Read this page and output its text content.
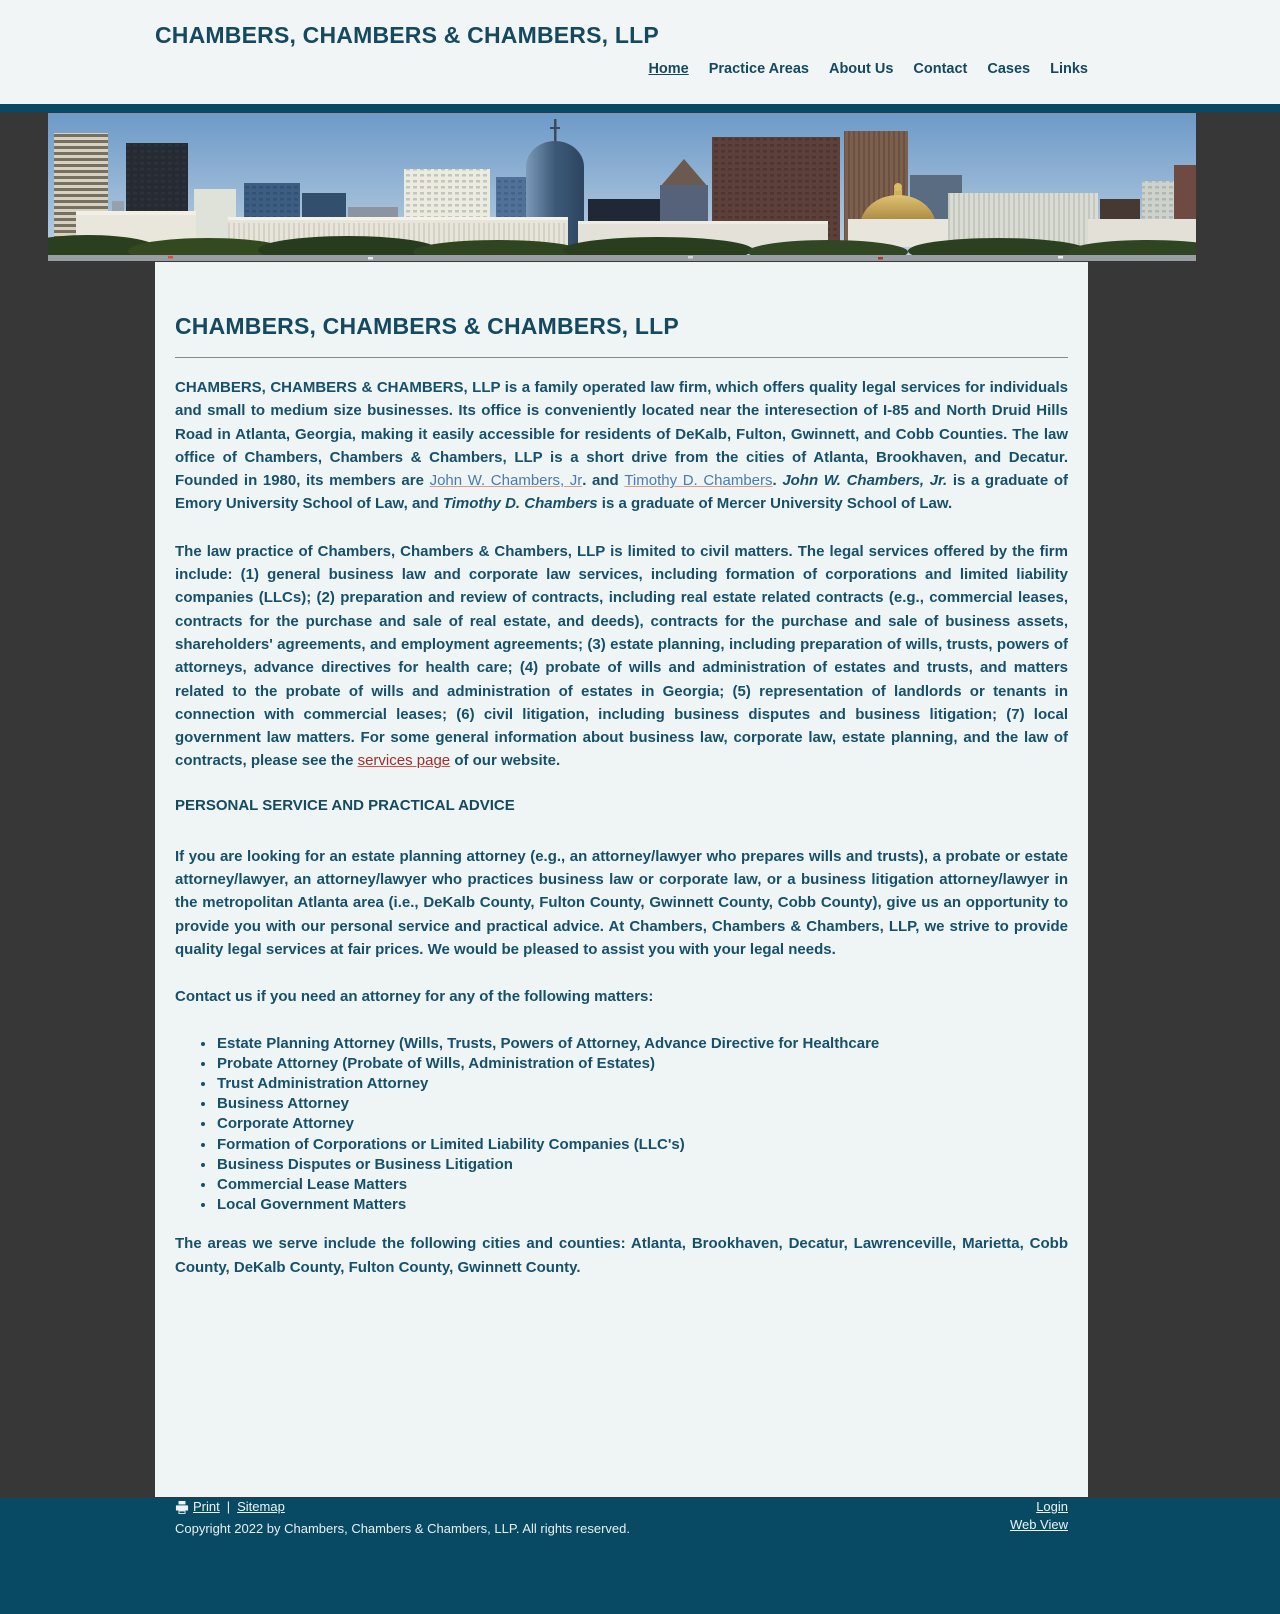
CHAMBERS, CHAMBERS & CHAMBERS, LLP
Home Practice Areas About Us Contact Cases Links
CHAMBERS, CHAMBERS & CHAMBERS, LLP

CHAMBERS, CHAMBERS & CHAMBERS, LLP is a family operated law firm, which offers quality legal services for individuals and small to medium size businesses. Its office is conveniently located near the interesection of I-85 and North Druid Hills Road in Atlanta, Georgia, making it easily accessible for residents of DeKalb, Fulton, Gwinnett, and Cobb Counties. The law office of Chambers, Chambers & Chambers, LLP is a short drive from the cities of Atlanta, Brookhaven, and Decatur. Founded in 1980, its members are John W. Chambers, Jr. and Timothy D. Chambers. John W. Chambers, Jr. is a graduate of Emory University School of Law, and Timothy D. Chambers is a graduate of Mercer University School of Law.

The law practice of Chambers, Chambers & Chambers, LLP is limited to civil matters. The legal services offered by the firm include: (1) general business law and corporate law services, including formation of corporations and limited liability companies (LLCs); (2) preparation and review of contracts, including real estate related contracts (e.g., commercial leases, contracts for the purchase and sale of real estate, and deeds), contracts for the purchase and sale of business assets, shareholders' agreements, and employment agreements; (3) estate planning, including preparation of wills, trusts, powers of attorneys, advance directives for health care; (4) probate of wills and administration of estates and trusts, and matters related to the probate of wills and administration of estates in Georgia; (5) representation of landlords or tenants in connection with commercial leases; (6) civil litigation, including business disputes and business litigation; (7) local government law matters. For some general information about business law, corporate law, estate planning, and the law of contracts, please see the services page of our website.

PERSONAL SERVICE AND PRACTICAL ADVICE

If you are looking for an estate planning attorney (e.g., an attorney/lawyer who prepares wills and trusts), a probate or estate attorney/lawyer, an attorney/lawyer who practices business law or corporate law, or a business litigation attorney/lawyer in the metropolitan Atlanta area (i.e., DeKalb County, Fulton County, Gwinnett County, Cobb County), give us an opportunity to provide you with our personal service and practical advice. At Chambers, Chambers & Chambers, LLP, we strive to provide quality legal services at fair prices. We would be pleased to assist you with your legal needs.

Contact us if you need an attorney for any of the following matters:

Estate Planning Attorney (Wills, Trusts, Powers of Attorney, Advance Directive for Healthcare
Probate Attorney (Probate of Wills, Administration of Estates)
Trust Administration Attorney
Business Attorney
Corporate Attorney
Formation of Corporations or Limited Liability Companies (LLC's)
Business Disputes or Business Litigation
Commercial Lease Matters
Local Government Matters

The areas we serve include the following cities and counties: Atlanta, Brookhaven, Decatur, Lawrenceville, Marietta, Cobb County, DeKalb County, Fulton County, Gwinnett County.

Print | Sitemap
Copyright 2022 by Chambers, Chambers & Chambers, LLP. All rights reserved.
Login
Web View
